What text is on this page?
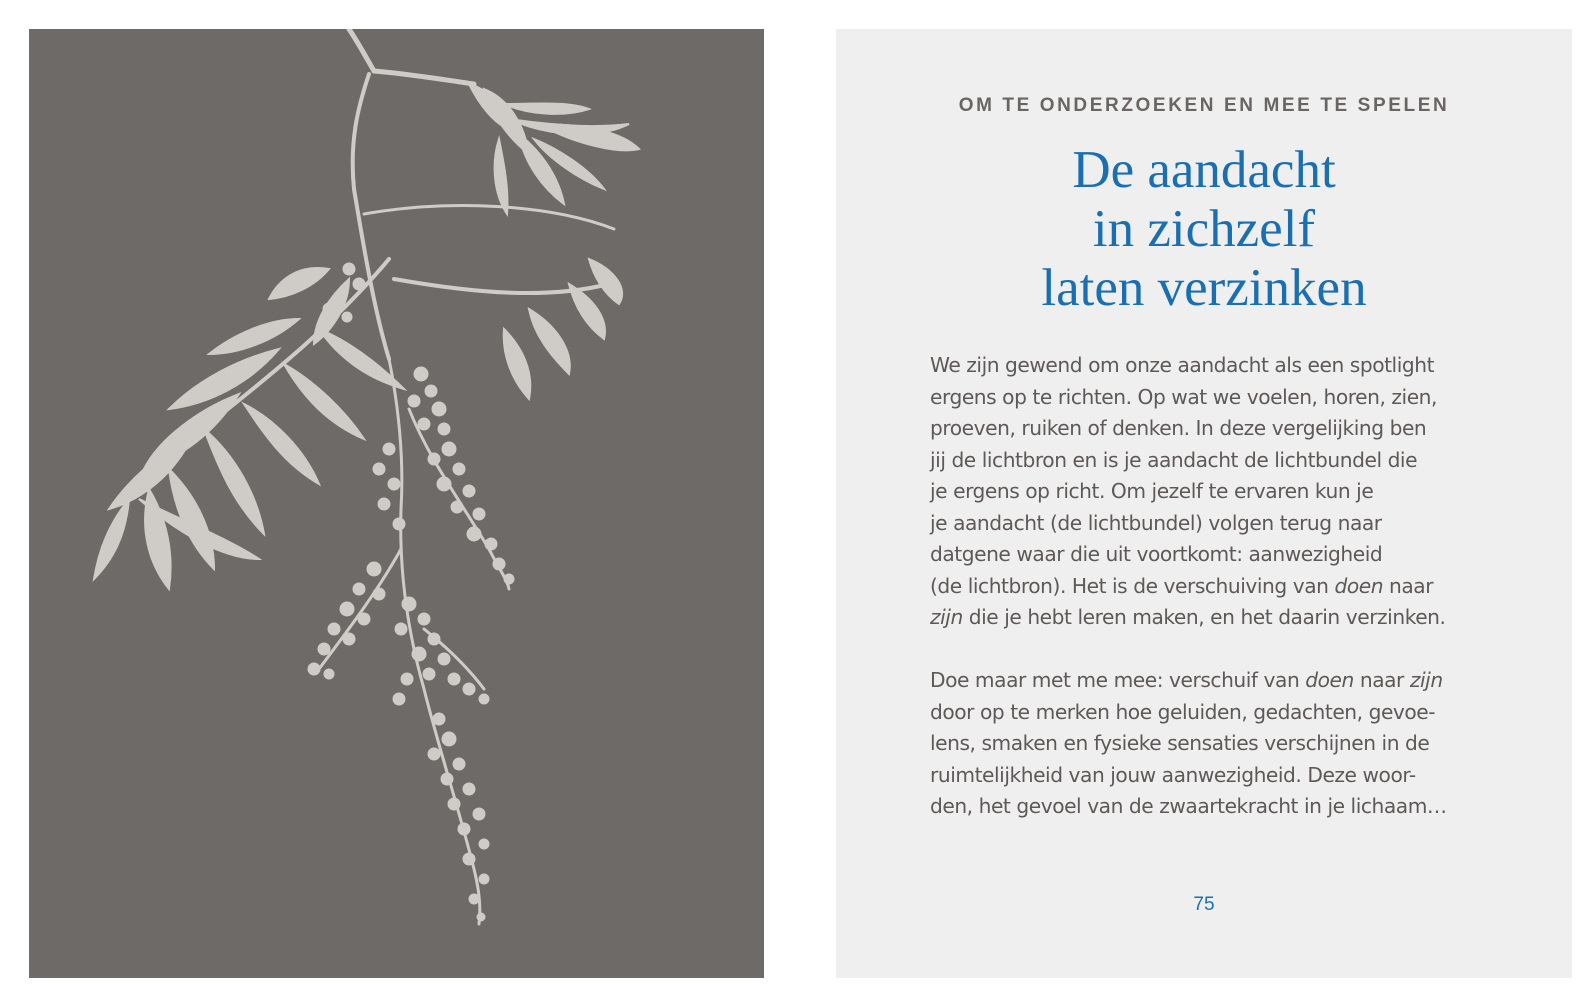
OM TE ONDERZOEKEN EN MEE TE SPELEN
De aandacht
in zichzelf
laten verzinken
We zijn gewend om onze aandacht als een spotlight
ergens op te richten. Op wat we voelen, horen, zien,
proeven, ruiken of denken. In deze vergelijking ben
jij de lichtbron en is je aandacht de lichtbundel die
je ergens op richt. Om jezelf te ervaren kun je
je aandacht (de lichtbundel) volgen terug naar
datgene waar die uit voortkomt: aanwezigheid
(de lichtbron). Het is de verschuiving van doen naar
zijn die je hebt leren maken, en het daarin verzinken.
Doe maar met me mee: verschuif van doen naar zijn
door op te merken hoe geluiden, gedachten, gevoe-
lens, smaken en fysieke sensaties verschijnen in de
ruimtelijkheid van jouw aanwezigheid. Deze woor-
den, het gevoel van de zwaartekracht in je lichaam…
75
